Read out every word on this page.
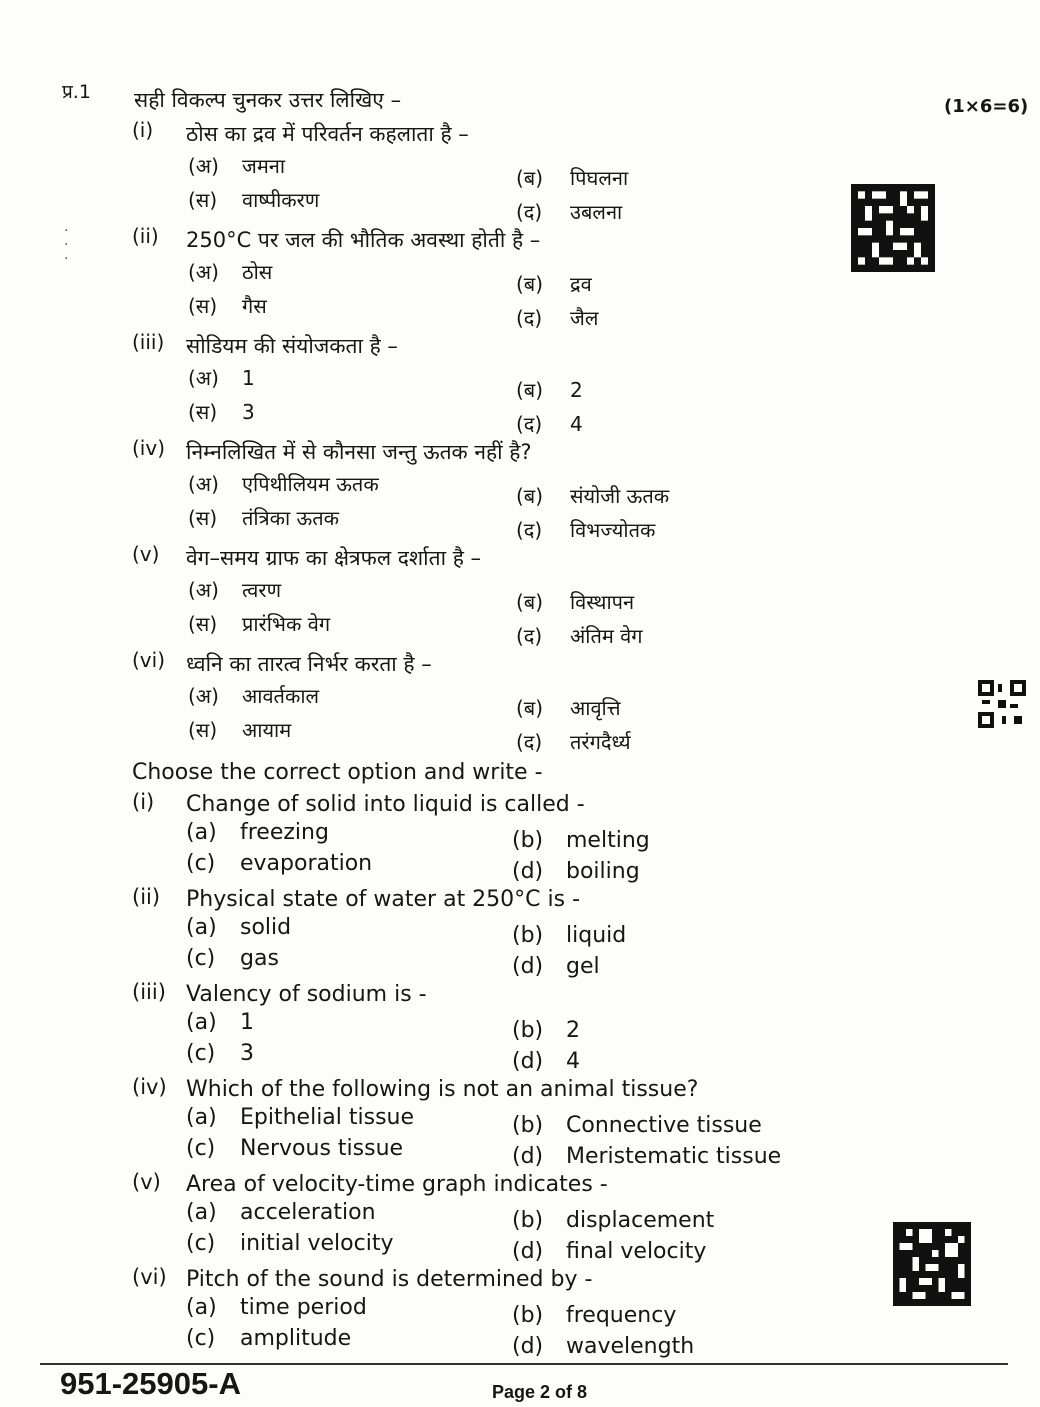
प्र.1 सही विकल्प चुनकर उत्तर लिखिए –	(1×6=6)
·
·
·
(i) ठोस का द्रव में परिवर्तन कहलाता है –
(अ) जमना	(ब) पिघलना
(स) वाष्पीकरण	(द) उबलना
(ii) 250°C पर जल की भौतिक अवस्था होती है –
(अ) ठोस	(ब) द्रव
(स) गैस	(द) जैल
(iii) सोडियम की संयोजकता है –
(अ) 1	(ब) 2
(स) 3	(द) 4
(iv) निम्नलिखित में से कौनसा जन्तु ऊतक नहीं है?
(अ) एपिथीलियम ऊतक	(ब) संयोजी ऊतक
(स) तंत्रिका ऊतक	(द) विभज्योतक
(v) वेग–समय ग्राफ का क्षेत्रफल दर्शाता है –
(अ) त्वरण	(ब) विस्थापन
(स) प्रारंभिक वेग	(द) अंतिम वेग
(vi) ध्वनि का तारत्व निर्भर करता है –
(अ) आवर्तकाल	(ब) आवृत्ति
(स) आयाम	(द) तरंगदैर्ध्य
Choose the correct option and write -
(i) Change of solid into liquid is called -
(a) freezing	(b) melting
(c) evaporation	(d) boiling
(ii) Physical state of water at 250°C is -
(a) solid	(b) liquid
(c) gas	(d) gel
(iii) Valency of sodium is -
(a) 1	(b) 2
(c) 3	(d) 4
(iv) Which of the following is not an animal tissue?
(a) Epithelial tissue	(b) Connective tissue
(c) Nervous tissue	(d) Meristematic tissue
(v) Area of velocity-time graph indicates -
(a) acceleration	(b) displacement
(c) initial velocity	(d) final velocity
(vi) Pitch of the sound is determined by -
(a) time period	(b) frequency
(c) amplitude	(d) wavelength
951-25905-A	Page 2 of 8
